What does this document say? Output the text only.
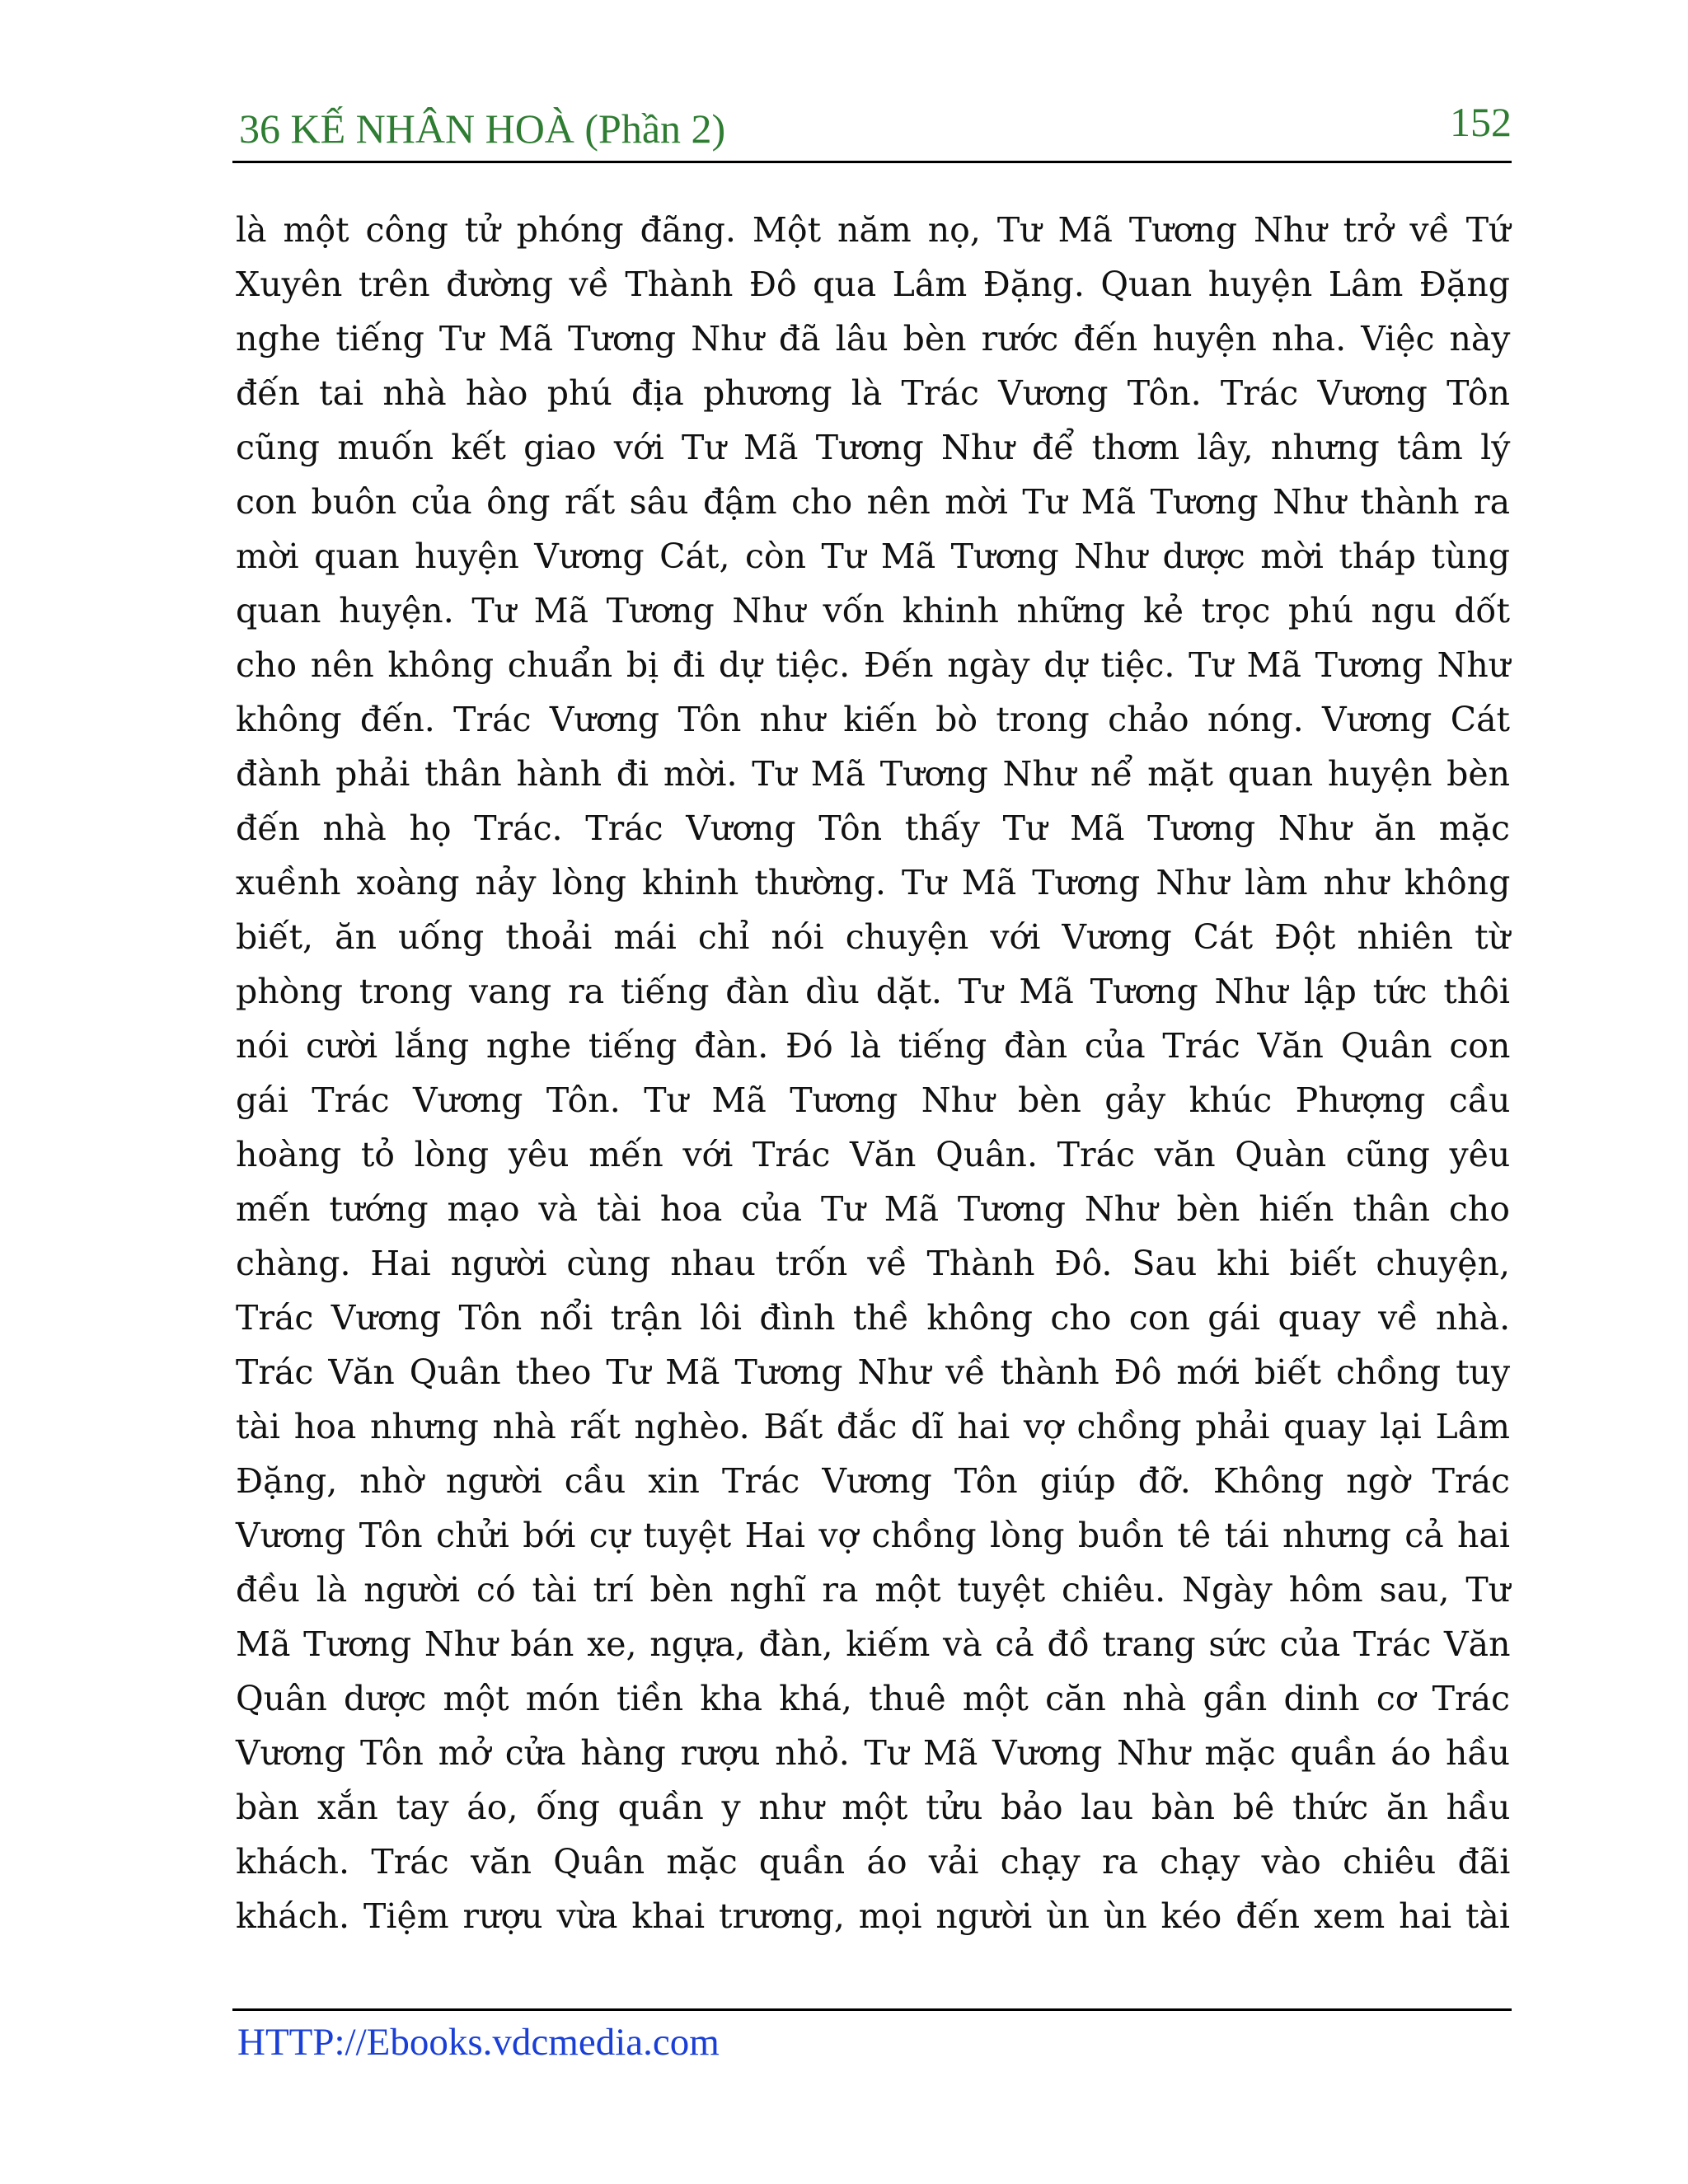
36 KẾ NHÂN HOÀ (Phần 2)	152
là một công tử phóng đãng. Một năm nọ, Tư Mã Tương Như trở về Tứ
Xuyên trên đường về Thành Đô qua Lâm Đặng. Quan huyện Lâm Đặng
nghe tiếng Tư Mã Tương Như đã lâu bèn rước đến huyện nha. Việc này
đến tai nhà hào phú địa phương là Trác Vương Tôn. Trác Vương Tôn
cũng muốn kết giao với Tư Mã Tương Như để thơm lây, nhưng tâm lý
con buôn của ông rất sâu đậm cho nên mời Tư Mã Tương Như thành ra
mời quan huyện Vương Cát, còn Tư Mã Tương Như dược mời tháp tùng
quan huyện. Tư Mã Tương Như vốn khinh những kẻ trọc phú ngu dốt
cho nên không chuẩn bị đi dự tiệc. Đến ngày dự tiệc. Tư Mã Tương Như
không đến. Trác Vương Tôn như kiến bò trong chảo nóng. Vương Cát
đành phải thân hành đi mời. Tư Mã Tương Như nể mặt quan huyện bèn
đến nhà họ Trác. Trác Vương Tôn thấy Tư Mã Tương Như ăn mặc
xuềnh xoàng nảy lòng khinh thường. Tư Mã Tương Như làm như không
biết, ăn uống thoải mái chỉ nói chuyện với Vương Cát Đột nhiên từ
phòng trong vang ra tiếng đàn dìu dặt. Tư Mã Tương Như lập tức thôi
nói cười lắng nghe tiếng đàn. Đó là tiếng đàn của Trác Văn Quân con
gái Trác Vương Tôn. Tư Mã Tương Như bèn gảy khúc Phượng cầu
hoàng tỏ lòng yêu mến với Trác Văn Quân. Trác văn Quàn cũng yêu
mến tướng mạo và tài hoa của Tư Mã Tương Như bèn hiến thân cho
chàng. Hai người cùng nhau trốn về Thành Đô. Sau khi biết chuyện,
Trác Vương Tôn nổi trận lôi đình thề không cho con gái quay về nhà.
Trác Văn Quân theo Tư Mã Tương Như về thành Đô mới biết chồng tuy
tài hoa nhưng nhà rất nghèo. Bất đắc dĩ hai vợ chồng phải quay lại Lâm
Đặng, nhờ người cầu xin Trác Vương Tôn giúp đỡ. Không ngờ Trác
Vương Tôn chửi bới cự tuyệt Hai vợ chồng lòng buồn tê tái nhưng cả hai
đều là người có tài trí bèn nghĩ ra một tuyệt chiêu. Ngày hôm sau, Tư
Mã Tương Như bán xe, ngựa, đàn, kiếm và cả đồ trang sức của Trác Văn
Quân dược một món tiền kha khá, thuê một căn nhà gần dinh cơ Trác
Vương Tôn mở cửa hàng rượu nhỏ. Tư Mã Vương Như mặc quần áo hầu
bàn xắn tay áo, ống quần y như một tửu bảo lau bàn bê thức ăn hầu
khách. Trác văn Quân mặc quần áo vải chạy ra chạy vào chiêu đãi
khách. Tiệm rượu vừa khai trương, mọi người ùn ùn kéo đến xem hai tài
HTTP://Ebooks.vdcmedia.com
